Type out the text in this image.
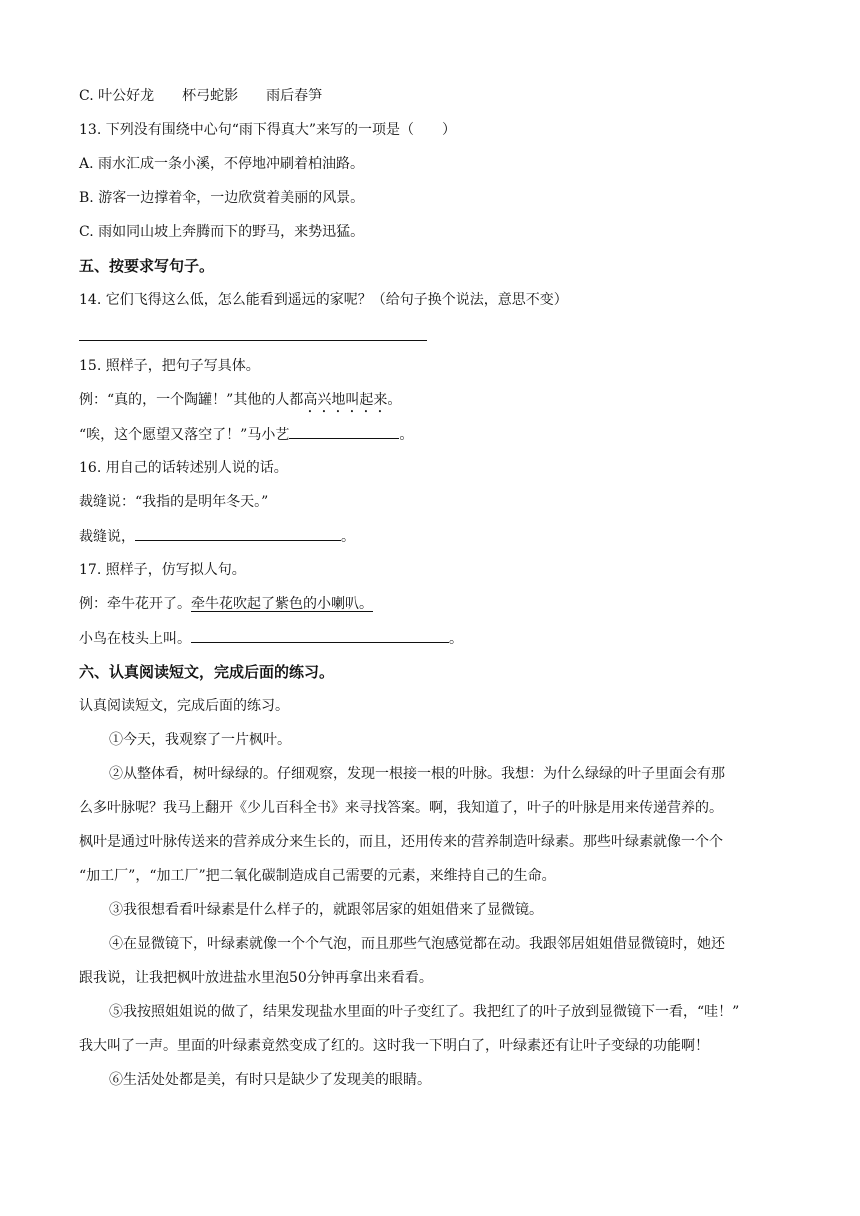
C. 叶公好龙 杯弓蛇影 雨后春笋
13. 下列没有围绕中心句“雨下得真大”来写的一项是（　　）
A. 雨水汇成一条小溪，不停地冲刷着柏油路。
B. 游客一边撑着伞，一边欣赏着美丽的风景。
C. 雨如同山坡上奔腾而下的野马，来势迅猛。
五、按要求写句子。
14. 它们飞得这么低，怎么能看到遥远的家呢？（给句子换个说法，意思不变）
15. 照样子，把句子写具体。
例：“真的，一个陶罐！”其他的人都高兴地叫起来。
“唉，这个愿望又落空了！”马小艺	。
16. 用自己的话转述别人说的话。
裁缝说：“我指的是明年冬天。”
裁缝说，	。
17. 照样子，仿写拟人句。
例：牵牛花开了。牵牛花吹起了紫色的小喇叭。
小鸟在枝头上叫。	。
六、认真阅读短文，完成后面的练习。
认真阅读短文，完成后面的练习。
①今天，我观察了一片枫叶。
②从整体看，树叶绿绿的。仔细观察，发现一根接一根的叶脉。我想：为什么绿绿的叶子里面会有那
么多叶脉呢？我马上翻开《少儿百科全书》来寻找答案。啊，我知道了，叶子的叶脉是用来传递营养的。
枫叶是通过叶脉传送来的营养成分来生长的，而且，还用传来的营养制造叶绿素。那些叶绿素就像一个个
“加工厂”，“加工厂”把二氧化碳制造成自己需要的元素，来维持自己的生命。
③我很想看看叶绿素是什么样子的，就跟邻居家的姐姐借来了显微镜。
④在显微镜下，叶绿素就像一个个气泡，而且那些气泡感觉都在动。我跟邻居姐姐借显微镜时，她还
跟我说，让我把枫叶放进盐水里泡50分钟再拿出来看看。
⑤我按照姐姐说的做了，结果发现盐水里面的叶子变红了。我把红了的叶子放到显微镜下一看，“哇！”
我大叫了一声。里面的叶绿素竟然变成了红的。这时我一下明白了，叶绿素还有让叶子变绿的功能啊！
⑥生活处处都是美，有时只是缺少了发现美的眼睛。
